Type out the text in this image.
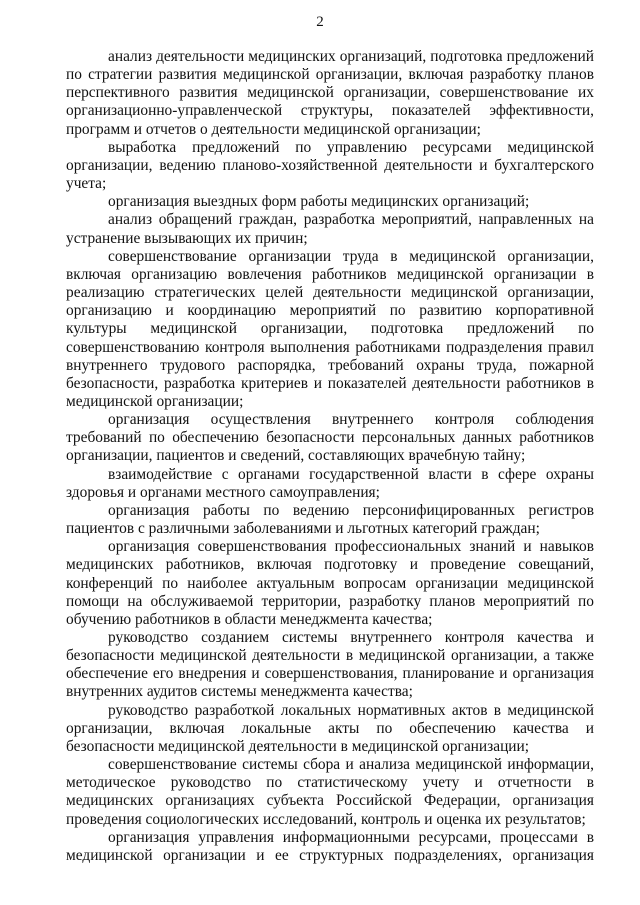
2

анализ деятельности медицинских организаций, подготовка предложений по стратегии развития медицинской организации, включая разработку планов перспективного развития медицинской организации, совершенствование их организационно-управленческой структуры, показателей эффективности, программ и отчетов о деятельности медицинской организации;

выработка предложений по управлению ресурсами медицинской организации, ведению планово-хозяйственной деятельности и бухгалтерского учета;

организация выездных форм работы медицинских организаций;

анализ обращений граждан, разработка мероприятий, направленных на устранение вызывающих их причин;

совершенствование организации труда в медицинской организации, включая организацию вовлечения работников медицинской организации в реализацию стратегических целей деятельности медицинской организации, организацию и координацию мероприятий по развитию корпоративной культуры медицинской организации, подготовка предложений по совершенствованию контроля выполнения работниками подразделения правил внутреннего трудового распорядка, требований охраны труда, пожарной безопасности, разработка критериев и показателей деятельности работников в медицинской организации;

организация осуществления внутреннего контроля соблюдения требований по обеспечению безопасности персональных данных работников организации, пациентов и сведений, составляющих врачебную тайну;

взаимодействие с органами государственной власти в сфере охраны здоровья и органами местного самоуправления;

организация работы по ведению персонифицированных регистров пациентов с различными заболеваниями и льготных категорий граждан;

организация совершенствования профессиональных знаний и навыков медицинских работников, включая подготовку и проведение совещаний, конференций по наиболее актуальным вопросам организации медицинской помощи на обслуживаемой территории, разработку планов мероприятий по обучению работников в области менеджмента качества;

руководство созданием системы внутреннего контроля качества и безопасности медицинской деятельности в медицинской организации, а также обеспечение его внедрения и совершенствования, планирование и организация внутренних аудитов системы менеджмента качества;

руководство разработкой локальных нормативных актов в медицинской организации, включая локальные акты по обеспечению качества и безопасности медицинской деятельности в медицинской организации;

совершенствование системы сбора и анализа медицинской информации, методическое руководство по статистическому учету и отчетности в медицинских организациях субъекта Российской Федерации, организация проведения социологических исследований, контроль и оценка их результатов;

организация управления информационными ресурсами, процессами в медицинской организации и ее структурных подразделениях, организация
